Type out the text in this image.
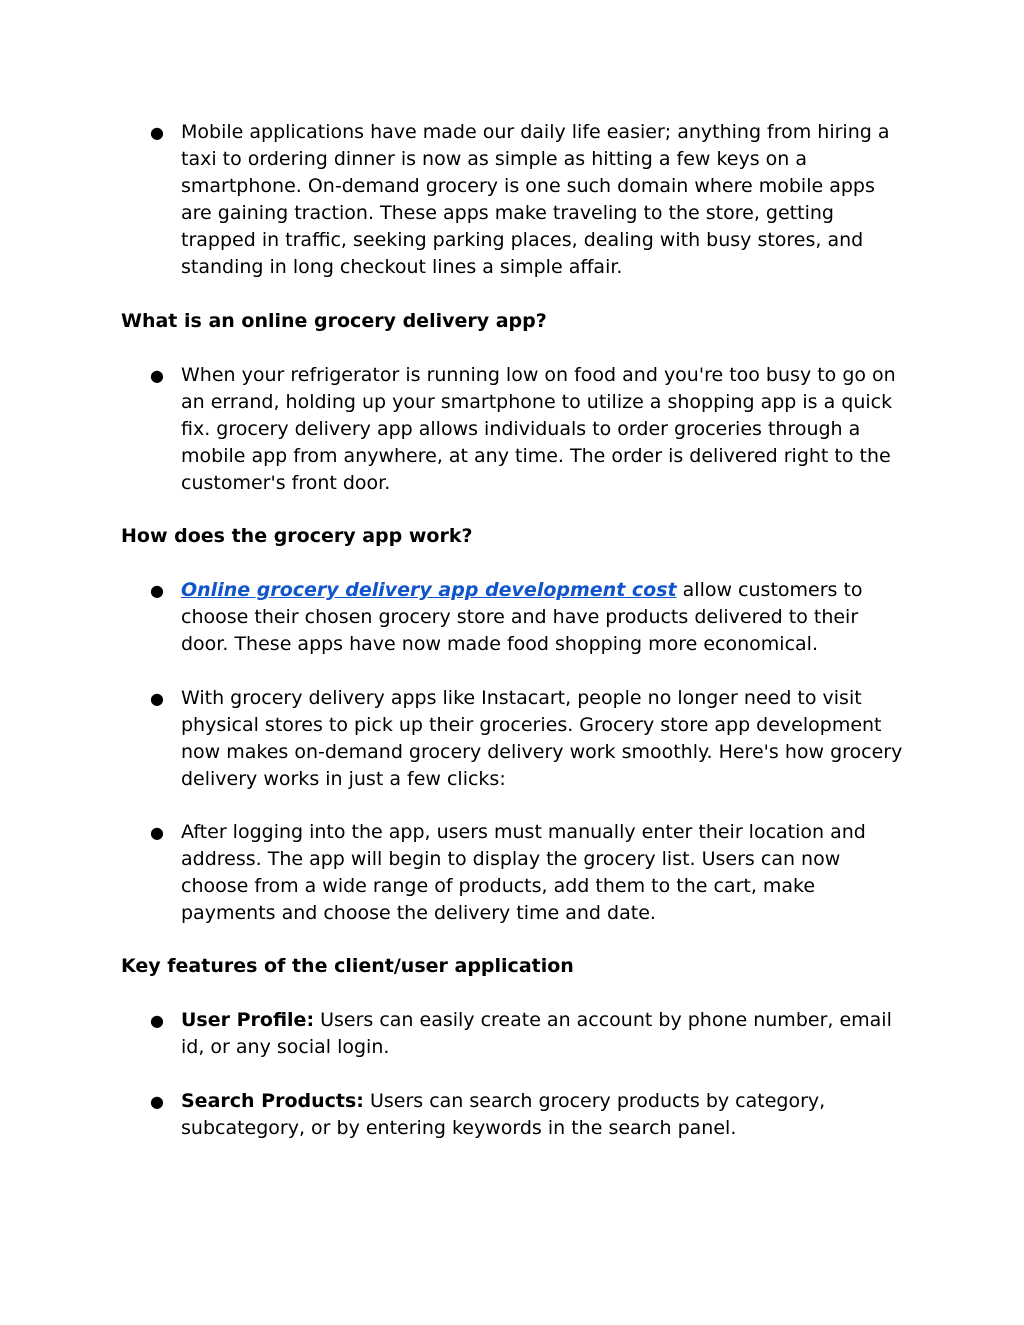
● Mobile applications have made our daily life easier; anything from hiring a taxi to ordering dinner is now as simple as hitting a few keys on a smartphone. On-demand grocery is one such domain where mobile apps are gaining traction. These apps make traveling to the store, getting trapped in traffic, seeking parking places, dealing with busy stores, and standing in long checkout lines a simple affair.
What is an online grocery delivery app?
● When your refrigerator is running low on food and you're too busy to go on an errand, holding up your smartphone to utilize a shopping app is a quick fix. grocery delivery app allows individuals to order groceries through a mobile app from anywhere, at any time. The order is delivered right to the customer's front door.
How does the grocery app work?
● Online grocery delivery app development cost allow customers to choose their chosen grocery store and have products delivered to their door. These apps have now made food shopping more economical.
● With grocery delivery apps like Instacart, people no longer need to visit physical stores to pick up their groceries. Grocery store app development now makes on-demand grocery delivery work smoothly. Here's how grocery delivery works in just a few clicks:
● After logging into the app, users must manually enter their location and address. The app will begin to display the grocery list. Users can now choose from a wide range of products, add them to the cart, make payments and choose the delivery time and date.
Key features of the client/user application
● User Profile: Users can easily create an account by phone number, email id, or any social login.
● Search Products: Users can search grocery products by category, subcategory, or by entering keywords in the search panel.
